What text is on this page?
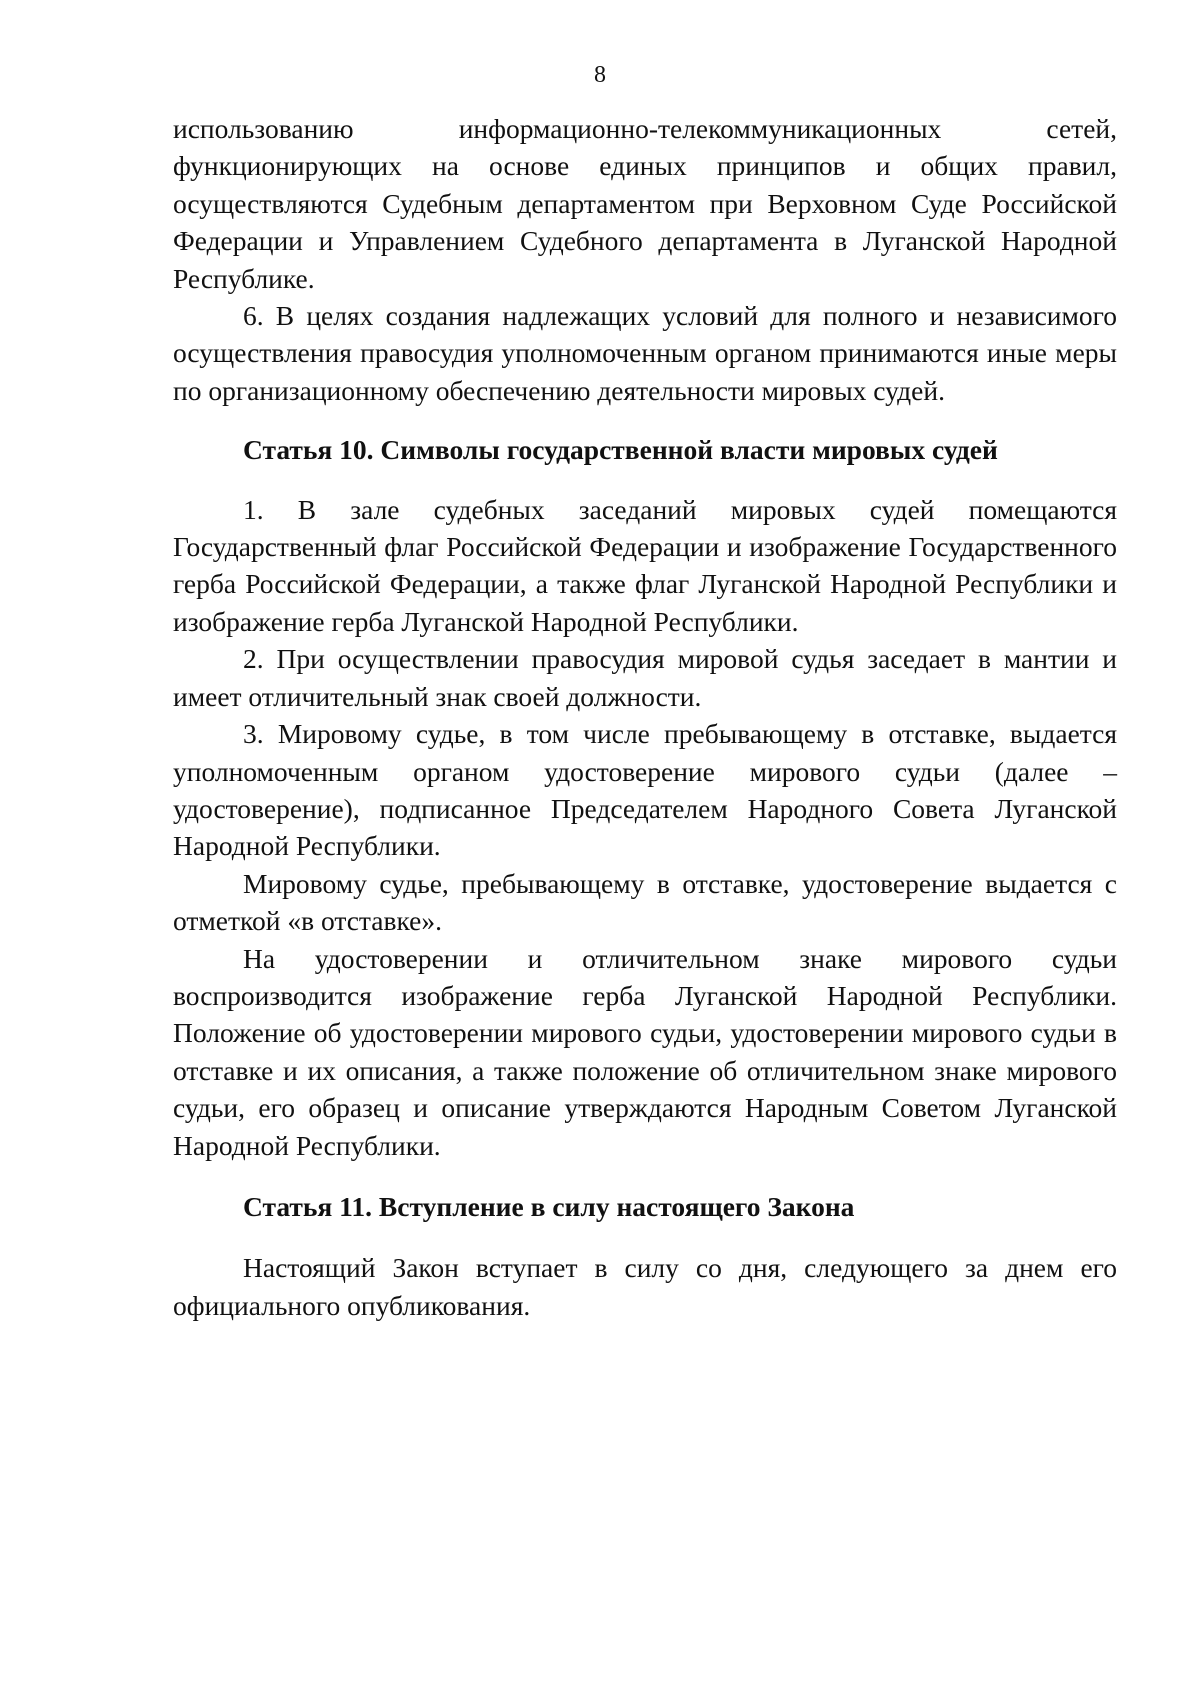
8

использованию информационно-телекоммуникационных сетей, функционирующих на основе единых принципов и общих правил, осуществляются Судебным департаментом при Верховном Суде Российской Федерации и Управлением Судебного департамента в Луганской Народной Республике.

6. В целях создания надлежащих условий для полного и независимого осуществления правосудия уполномоченным органом принимаются иные меры по организационному обеспечению деятельности мировых судей.

Статья 10. Символы государственной власти мировых судей

1. В зале судебных заседаний мировых судей помещаются Государственный флаг Российской Федерации и изображение Государственного герба Российской Федерации, а также флаг Луганской Народной Республики и изображение герба Луганской Народной Республики.

2. При осуществлении правосудия мировой судья заседает в мантии и имеет отличительный знак своей должности.

3. Мировому судье, в том числе пребывающему в отставке, выдается уполномоченным органом удостоверение мирового судьи (далее – удостоверение), подписанное Председателем Народного Совета Луганской Народной Республики.

Мировому судье, пребывающему в отставке, удостоверение выдается с отметкой «в отставке».

На удостоверении и отличительном знаке мирового судьи воспроизводится изображение герба Луганской Народной Республики. Положение об удостоверении мирового судьи, удостоверении мирового судьи в отставке и их описания, а также положение об отличительном знаке мирового судьи, его образец и описание утверждаются Народным Советом Луганской Народной Республики.

Статья 11. Вступление в силу настоящего Закона

Настоящий Закон вступает в силу со дня, следующего за днем его официального опубликования.
